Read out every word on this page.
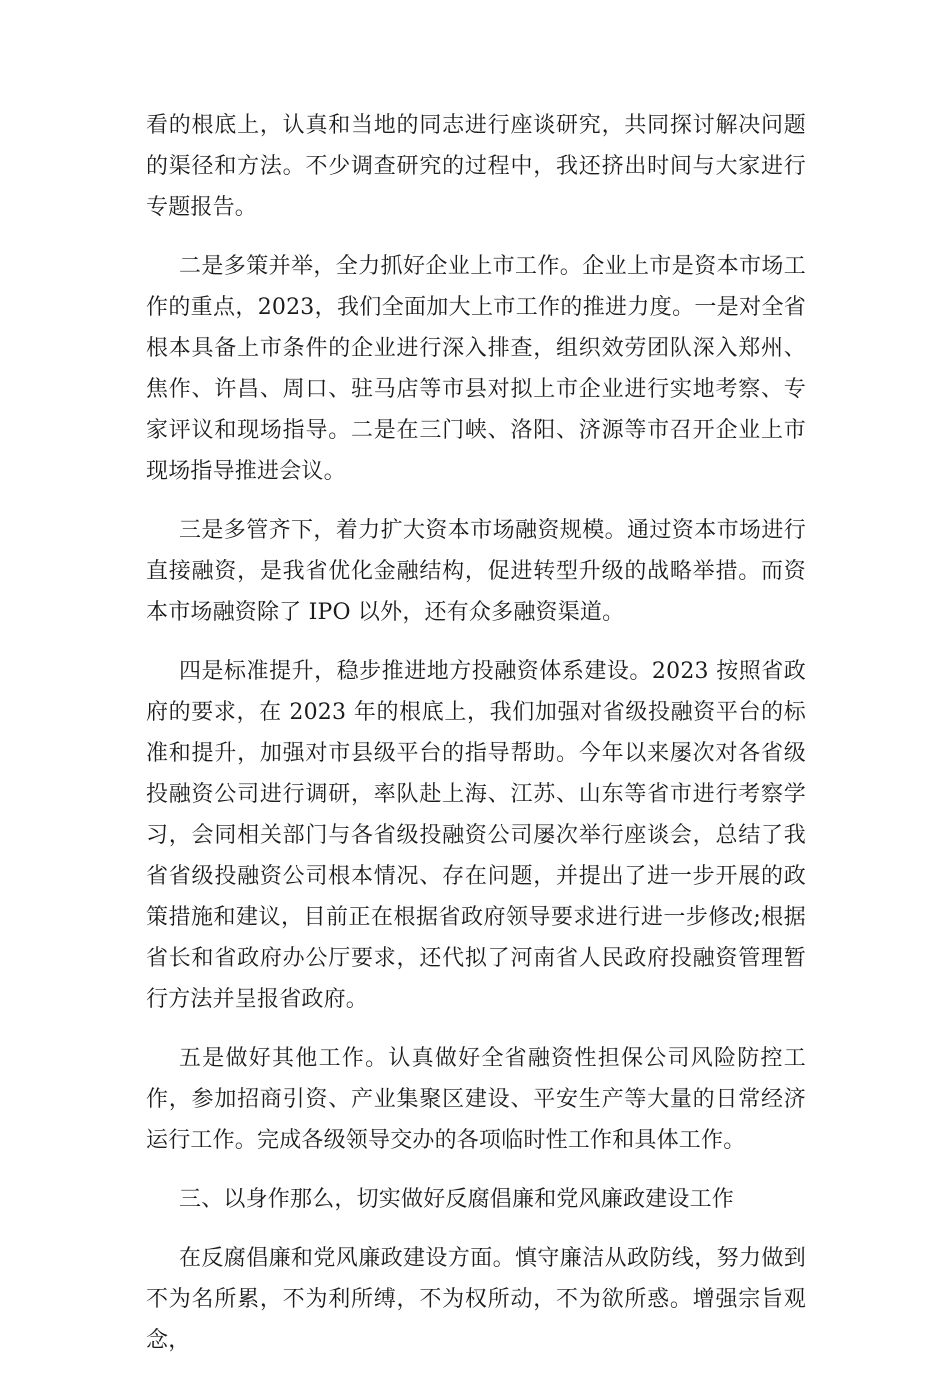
看的根底上，认真和当地的同志进行座谈研究，共同探讨解决问题的渠径和方法。不少调查研究的过程中，我还挤出时间与大家进行专题报告。

二是多策并举，全力抓好企业上市工作。企业上市是资本市场工作的重点，2023，我们全面加大上市工作的推进力度。一是对全省根本具备上市条件的企业进行深入排查，组织效劳团队深入郑州、焦作、许昌、周口、驻马店等市县对拟上市企业进行实地考察、专家评议和现场指导。二是在三门峡、洛阳、济源等市召开企业上市现场指导推进会议。

三是多管齐下，着力扩大资本市场融资规模。通过资本市场进行直接融资，是我省优化金融结构，促进转型升级的战略举措。而资本市场融资除了 IPO 以外，还有众多融资渠道。

四是标准提升，稳步推进地方投融资体系建设。2023 按照省政府的要求，在 2023 年的根底上，我们加强对省级投融资平台的标准和提升，加强对市县级平台的指导帮助。今年以来屡次对各省级投融资公司进行调研，率队赴上海、江苏、山东等省市进行考察学习，会同相关部门与各省级投融资公司屡次举行座谈会，总结了我省省级投融资公司根本情况、存在问题，并提出了进一步开展的政策措施和建议，目前正在根据省政府领导要求进行进一步修改;根据省长和省政府办公厅要求，还代拟了河南省人民政府投融资管理暂行方法并呈报省政府。

五是做好其他工作。认真做好全省融资性担保公司风险防控工作，参加招商引资、产业集聚区建设、平安生产等大量的日常经济运行工作。完成各级领导交办的各项临时性工作和具体工作。

三、以身作那么，切实做好反腐倡廉和党风廉政建设工作

在反腐倡廉和党风廉政建设方面。慎守廉洁从政防线，努力做到不为名所累，不为利所缚，不为权所动，不为欲所惑。增强宗旨观念，
